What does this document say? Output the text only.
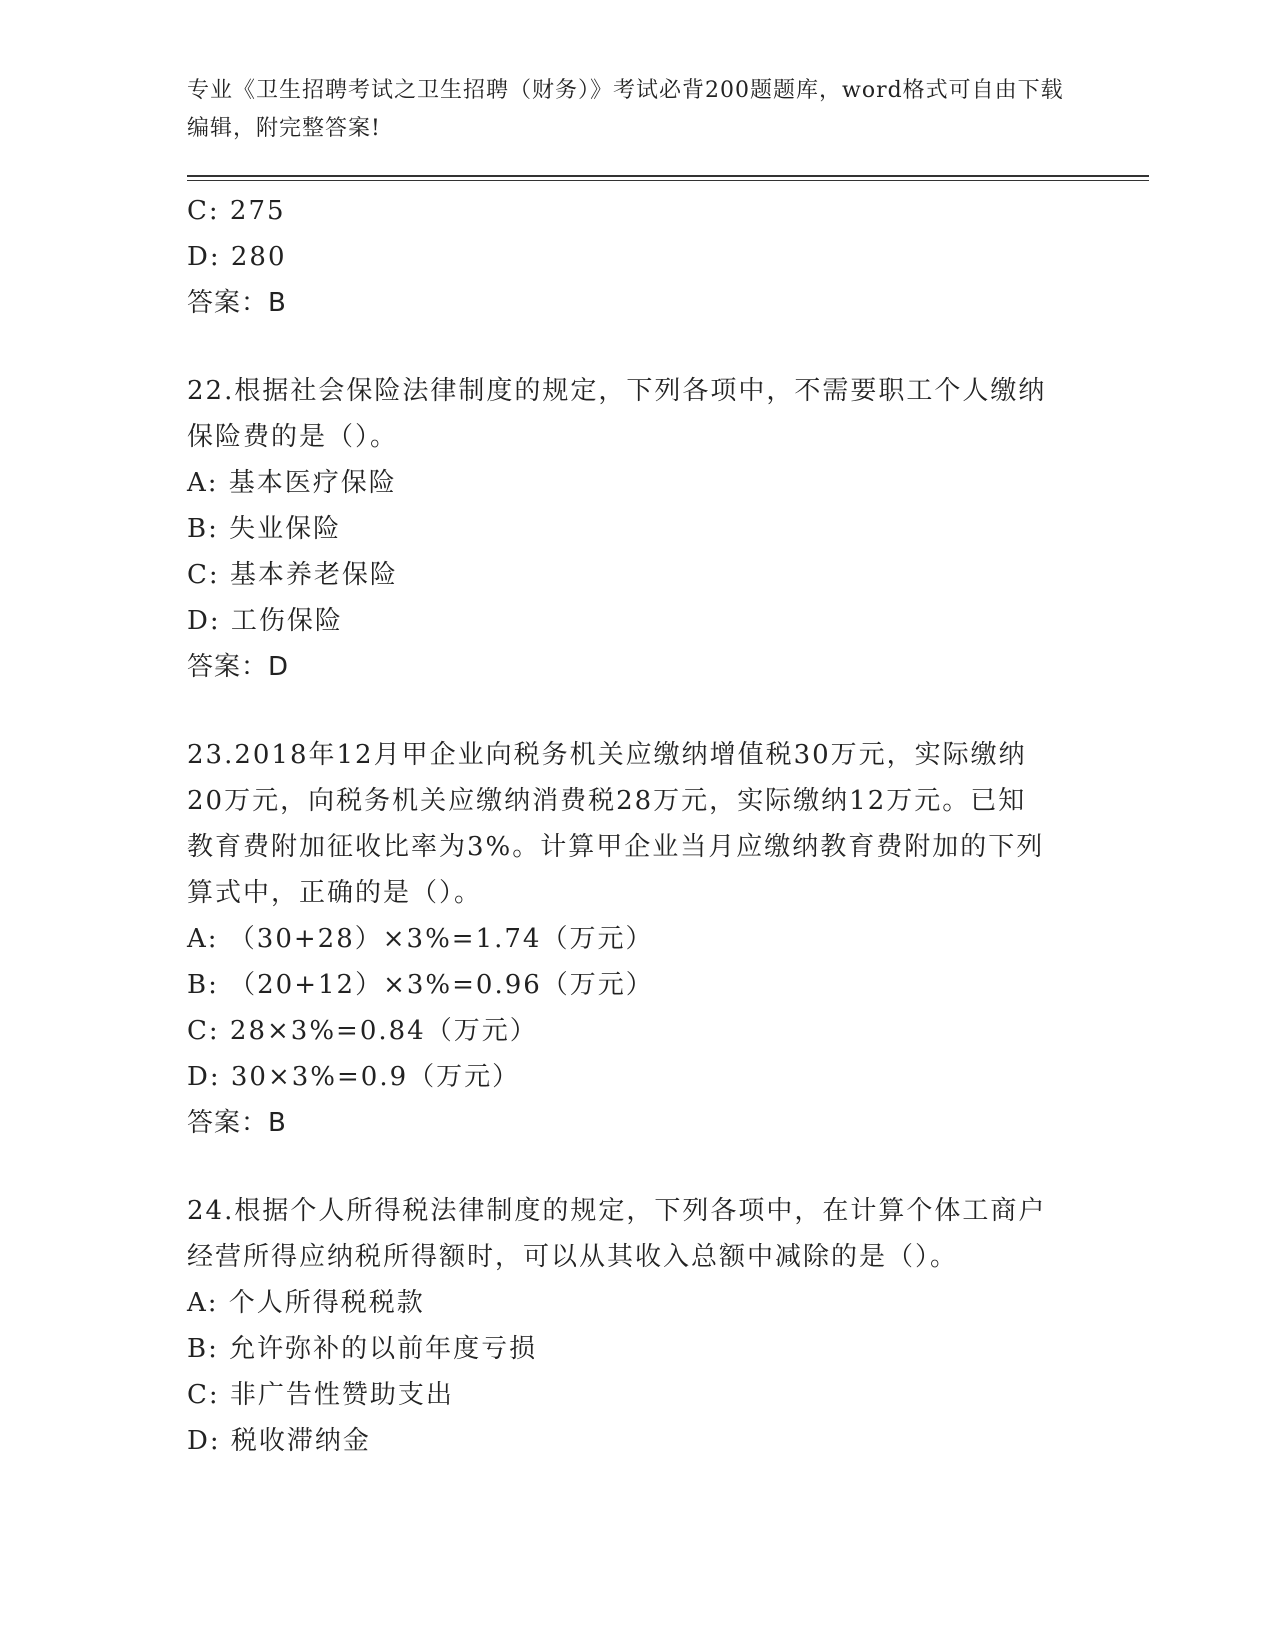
专业《卫生招聘考试之卫生招聘（财务）》考试必背200题题库，word格式可自由下载编辑，附完整答案!
C: 275
D: 280
答案：B
22.根据社会保险法律制度的规定，下列各项中，不需要职工个人缴纳
保险费的是（）。
A: 基本医疗保险
B: 失业保险
C: 基本养老保险
D: 工伤保险
答案：D
23.2018年12月甲企业向税务机关应缴纳增值税30万元，实际缴纳
20万元，向税务机关应缴纳消费税28万元，实际缴纳12万元。已知
教育费附加征收比率为3%。计算甲企业当月应缴纳教育费附加的下列
算式中，正确的是（）。
A: （30+28）×3%=1.74（万元）
B: （20+12）×3%=0.96（万元）
C: 28×3%=0.84（万元）
D: 30×3%=0.9（万元）
答案：B
24.根据个人所得税法律制度的规定，下列各项中，在计算个体工商户
经营所得应纳税所得额时，可以从其收入总额中减除的是（）。
A: 个人所得税税款
B: 允许弥补的以前年度亏损
C: 非广告性赞助支出
D: 税收滞纳金
